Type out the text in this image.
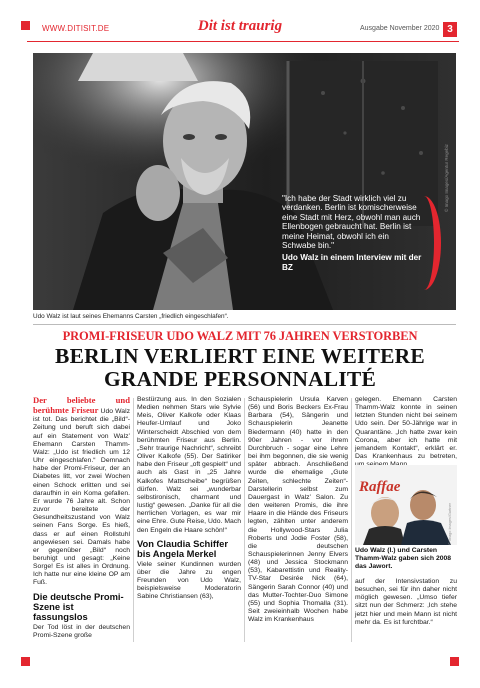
WWW.DITISIT.DE	Dit ist traurig	Ausgabe November 2020 3
© Imago Images/Agentur Regebiz
"Ich habe der Stadt wirklich viel zu verdanken. Berlin ist komischerweise eine Stadt mit Herz, obwohl man auch Ellenbogen gebraucht hat. Berlin ist meine Heimat, obwohl ich ein Schwabe bin."
Udo Walz in einem Interview mit der BZ
Udo Walz ist laut seines Ehemanns Carsten „friedlich eingeschlafen“.
PROMI-FRISEUR UDO WALZ MIT 76 JAHREN VERSTORBEN
BERLIN VERLIERT EINE WEITERE
GRANDE PERSONNALITÉ
Der beliebte und berühmte Friseur Udo Walz ist tot. Das berichtet die „Bild“-Zeitung und beruft sich dabei auf ein Statement von Walz’ Ehemann Carsten Thamm-Walz: „Udo ist friedlich um 12 Uhr eingeschlafen.“ Demnach habe der Promi-Friseur, der an Diabetes litt, vor zwei Wochen einen Schock erlitten und sei daraufhin in ein Koma gefallen. Er wurde 76 Jahre alt. Schon zuvor bereitete der Gesundheitszustand von Walz seinen Fans Sorge. Es hieß, dass er auf einen Rollstuhl angewiesen sei. Damals habe er gegenüber „Bild“ noch beruhigt und gesagt: „Keine Sorge! Es ist alles in Ordnung. Ich hatte nur eine kleine OP am Fuß.
Die deutsche Promi-Szene ist fassungslos
Der Tod löst in der deutschen Promi-Szene große
Bestürzung aus. In den Sozialen Medien nehmen Stars wie Sylvie Meis, Oliver Kalkofe oder Klaas Heufer-Umlauf und Joko Winterscheidt Abschied von dem berühmten Friseur aus Berlin. „Sehr traurige Nachricht“, schreibt Oliver Kalkofe (55). Der Satiriker habe den Friseur „oft gespielt“ und auch als Gast in „25 Jahre Kalkofes Mattscheibe“ begrüßen dürfen. Walz sei „wunderbar selbstironisch, charmant und lustig“ gewesen. „Danke für all die herrlichen Vorlagen, es war mir eine Ehre. Gute Reise, Udo. Mach den Engeln die Haare schön!“
Von Claudia Schiffer bis Angela Merkel
Viele seiner Kundinnen wurden über die Jahre zu engen Freunden von Udo Walz, beispielsweise Moderatorin Sabine Christiansen (63),
Schauspielerin Ursula Karven (56) und Boris Beckers Ex-Frau Barbara (54), Sängerin und Schauspielerin Jeanette Biedermann (40) hatte in den 90er Jahren - vor ihrem Durchbruch - sogar eine Lehre bei ihm begonnen, die sie wenig später abbrach. Anschließend wurde die ehemalige „Gute Zeiten, schlechte Zeiten“-Darstellerin selbst zum Dauergast in Walz’ Salon. Zu den weiteren Promis, die ihre Haare in die Hände des Friseurs legten, zählten unter anderem die Hollywood-Stars Julia Roberts und Jodie Foster (58), die deutschen Schauspielerinnen Jenny Elvers (48) und Jessica Stockmann (53), Kabarettistin und Reality-TV-Star Desirée Nick (64), Sängerin Sarah Connor (40) und das Mutter-Tochter-Duo Simone (55) und Sophia Thomalla (31). Seit zweieinhalb Wochen habe Walz im Krankenhaus
gelegen. Ehemann Carsten Thamm-Walz konnte in seinen letzten Stunden nicht bei seinem Udo sein. Der 50-Jährige war in Quarantäne. „Ich hatte zwar kein Corona, aber ich hatte mit jemandem Kontakt“, erklärt er. Das Krankenhaus zu betreten,
Raffae
© Imago Images/Gartner
Udo Walz (l.) und Carsten Thamm-Walz gaben sich 2008 das Jawort.
auf der Intensivstation zu besuchen, sei für ihn daher nicht möglich gewesen. „Umso tiefer sitzt nun der Schmerz: ‚Ich stehe jetzt hier und mein Mann ist nicht mehr da. Es ist furchtbar.“
